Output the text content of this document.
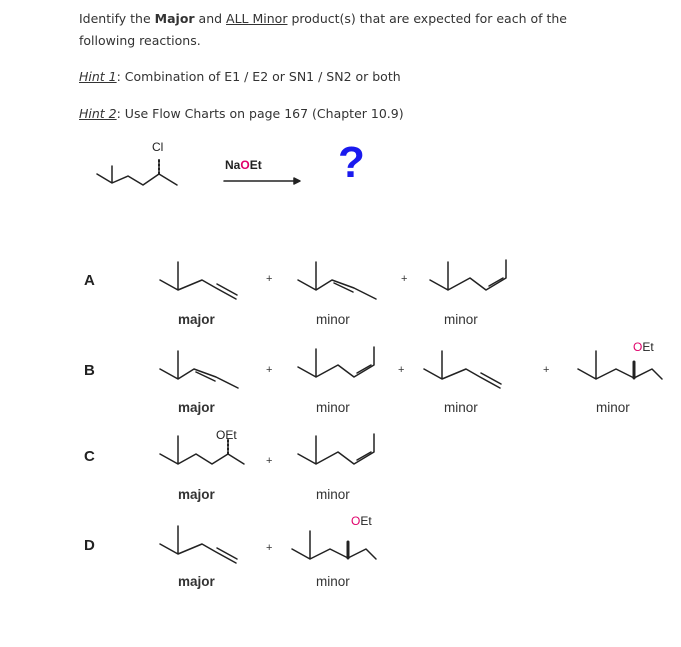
Identify the Major and ALL Minor product(s) that are expected for each of the
following reactions.
Hint 1: Combination of E1 / E2 or SN1 / SN2 or both
Hint 2: Use Flow Charts on page 167 (Chapter 10.9)
Cl
NaOEt ?
A	+	+
major	minor	minor
B	+	+	+
OEt
major	minor	minor	minor
C
OEt
+
major	minor
D	+
OEt
major	minor
